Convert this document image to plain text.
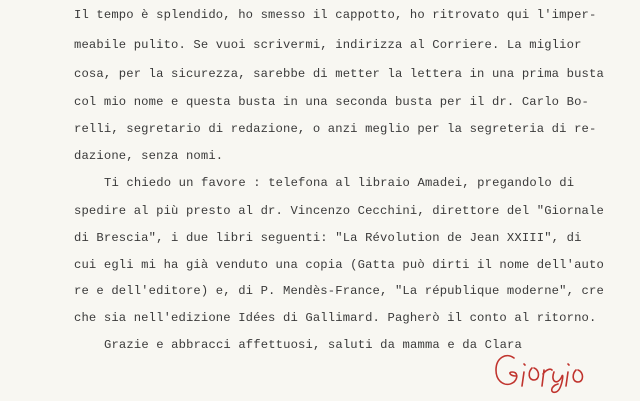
Il tempo è splendido, ho smesso il cappotto, ho ritrovato qui l'imper-
meabile pulito. Se vuoi scrivermi, indirizza al Corriere. La miglior
cosa, per la sicurezza, sarebbe di metter la lettera in una prima busta
col mio nome e questa busta in una seconda busta per il dr. Carlo Bo-
relli, segretario di redazione, o anzi meglio per la segreteria di re-
dazione, senza nomi.
Ti chiedo un favore : telefona al libraio Amadei, pregandolo di
spedire al più presto al dr. Vincenzo Cecchini, direttore del "Giornale
di Brescia", i due libri seguenti: "La Révolution de Jean XXIII", di
cui egli mi ha già venduto una copia (Gatta può dirti il nome dell'auto
re e dell'editore) e, di P. Mendès-France, "La république moderne", cre
che sia nell'edizione Idées di Gallimard. Pagherò il conto al ritorno.
Grazie e abbracci affettuosi, saluti da mamma e da Clara
